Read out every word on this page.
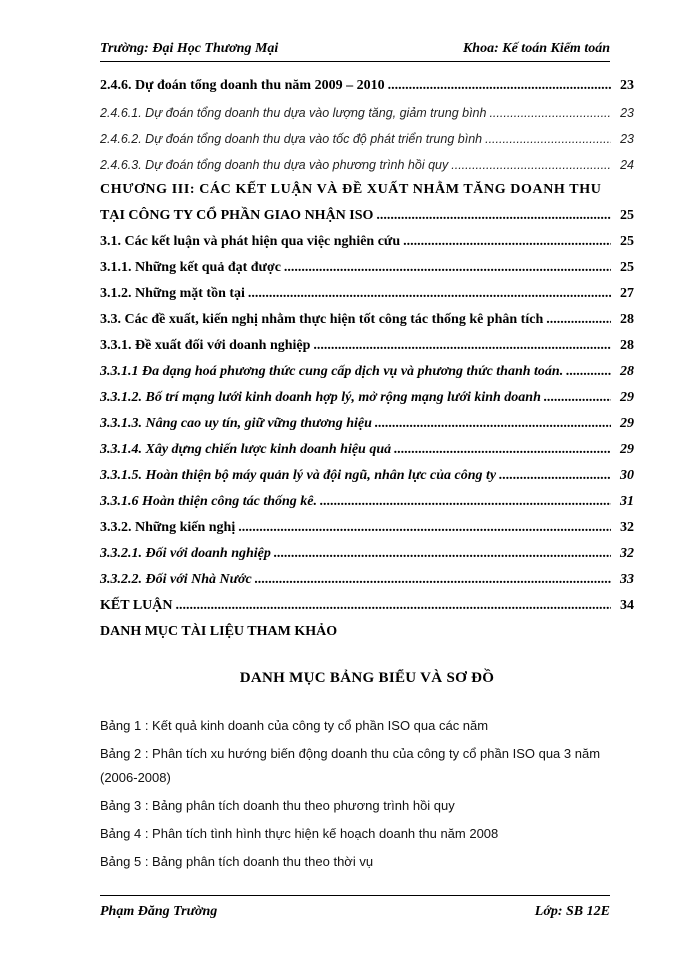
Trường: Đại Học Thương Mại	Khoa: Kế toán Kiểm toán
2.4.6. Dự đoán tổng doanh thu năm 2009 – 2010 .....	23
2.4.6.1. Dự đoán tổng doanh thu dựa vào lượng tăng, giảm trung bình .....	23
2.4.6.2. Dự đoán tổng doanh thu dựa vào tốc độ phát triển trung bình .....	23
2.4.6.3. Dự đoán tổng doanh thu dựa vào phương trình hồi quy .....	24
CHƯƠNG III: CÁC KẾT LUẬN VÀ ĐỀ XUẤT NHẰM TĂNG DOANH THU
TẠI CÔNG TY CỔ PHẦN GIAO NHẬN ISO .....	25
3.1. Các kết luận và phát hiện qua việc nghiên cứu .....	25
3.1.1. Những kết quả đạt được .....	25
3.1.2. Những mặt tồn tại .....	27
3.3. Các đề xuất, kiến nghị nhằm thực hiện tốt công tác thống kê phân tích .....	28
3.3.1. Đề xuất đối với doanh nghiệp .....	28
3.3.1.1 Đa dạng hoá phương thức cung cấp dịch vụ và phương thức thanh toán. .....	28
3.3.1.2. Bố trí mạng lưới kinh doanh hợp lý, mở rộng mạng lưới kinh doanh .....	29
3.3.1.3. Nâng cao uy tín, giữ vững thương hiệu .....	29
3.3.1.4. Xây dựng chiến lược kinh doanh hiệu quả .....	29
3.3.1.5. Hoàn thiện bộ máy quản lý và đội ngũ, nhân lực của công ty .....	30
3.3.1.6 Hoàn thiện công tác thống kê. .....	31
3.3.2. Những kiến nghị .....	32
3.3.2.1. Đối với doanh nghiệp .....	32
3.3.2.2. Đối với Nhà Nước .....	33
KẾT LUẬN .....	34
DANH MỤC TÀI LIỆU THAM KHẢO
DANH MỤC BẢNG BIỂU VÀ SƠ ĐỒ
Bảng 1 : Kết quả kinh doanh của công ty cổ phần ISO qua các năm
Bảng 2 : Phân tích xu hướng biến động doanh thu của công ty cổ phần ISO qua 3 năm (2006-2008)
Bảng 3 : Bảng phân tích doanh thu theo phương trình hồi quy
Bảng 4 : Phân tích tình hình thực hiện kế hoạch doanh thu năm 2008
Bảng 5 : Bảng phân tích doanh thu theo thời vụ
Phạm Đăng Trường	Lớp: SB 12E
